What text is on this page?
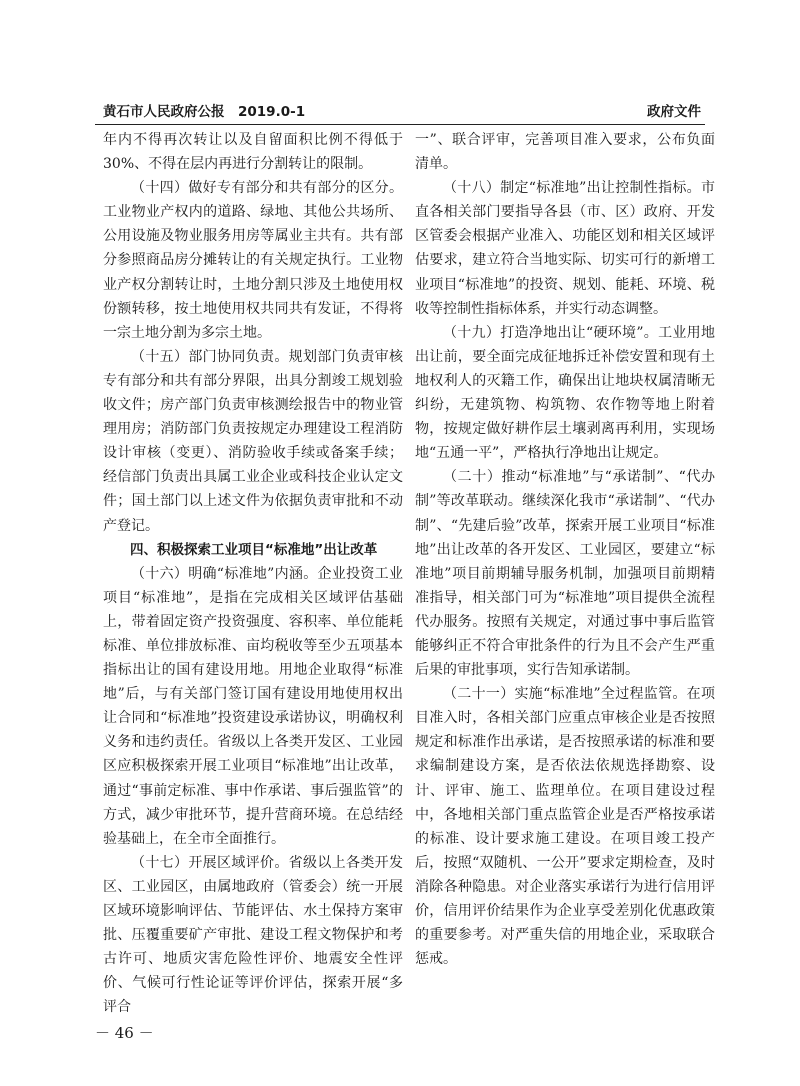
黄石市人民政府公报　2019.0-1	政府文件

年内不得再次转让以及自留面积比例不得低于30%、不得在层内再进行分割转让的限制。

（十四）做好专有部分和共有部分的区分。工业物业产权内的道路、绿地、其他公共场所、公用设施及物业服务用房等属业主共有。共有部分参照商品房分摊转让的有关规定执行。工业物业产权分割转让时，土地分割只涉及土地使用权份额转移，按土地使用权共同共有发证，不得将一宗土地分割为多宗土地。

（十五）部门协同负责。规划部门负责审核专有部分和共有部分界限，出具分割竣工规划验收文件；房产部门负责审核测绘报告中的物业管理用房；消防部门负责按规定办理建设工程消防设计审核（变更）、消防验收手续或备案手续；经信部门负责出具属工业企业或科技企业认定文件；国土部门以上述文件为依据负责审批和不动产登记。

四、积极探索工业项目“标准地”出让改革

（十六）明确“标准地”内涵。企业投资工业项目“标准地”，是指在完成相关区域评估基础上，带着固定资产投资强度、容积率、单位能耗标准、单位排放标准、亩均税收等至少五项基本指标出让的国有建设用地。用地企业取得“标准地”后，与有关部门签订国有建设用地使用权出让合同和“标准地”投资建设承诺协议，明确权利义务和违约责任。省级以上各类开发区、工业园区应积极探索开展工业项目“标准地”出让改革，通过“事前定标准、事中作承诺、事后强监管”的方式，减少审批环节，提升营商环境。在总结经验基础上，在全市全面推行。

（十七）开展区域评价。省级以上各类开发区、工业园区，由属地政府（管委会）统一开展区域环境影响评估、节能评估、水土保持方案审批、压覆重要矿产审批、建设工程文物保护和考古许可、地质灾害危险性评价、地震安全性评价、气候可行性论证等评价评估，探索开展“多评合

一”、联合评审，完善项目准入要求，公布负面清单。

（十八）制定“标准地”出让控制性指标。市直各相关部门要指导各县（市、区）政府、开发区管委会根据产业准入、功能区划和相关区域评估要求，建立符合当地实际、切实可行的新增工业项目“标准地”的投资、规划、能耗、环境、税收等控制性指标体系，并实行动态调整。

（十九）打造净地出让“硬环境”。工业用地出让前，要全面完成征地拆迁补偿安置和现有土地权利人的灭籍工作，确保出让地块权属清晰无纠纷，无建筑物、构筑物、农作物等地上附着物，按规定做好耕作层土壤剥离再利用，实现场地“五通一平”，严格执行净地出让规定。

（二十）推动“标准地”与“承诺制”、“代办制”等改革联动。继续深化我市“承诺制”、“代办制”、“先建后验”改革，探索开展工业项目“标准地”出让改革的各开发区、工业园区，要建立“标准地”项目前期辅导服务机制，加强项目前期精准指导，相关部门可为“标准地”项目提供全流程代办服务。按照有关规定，对通过事中事后监管能够纠正不符合审批条件的行为且不会产生严重后果的审批事项，实行告知承诺制。

（二十一）实施“标准地”全过程监管。在项目准入时，各相关部门应重点审核企业是否按照规定和标准作出承诺，是否按照承诺的标准和要求编制建设方案，是否依法依规选择勘察、设计、评审、施工、监理单位。在项目建设过程中，各地相关部门重点监管企业是否严格按承诺的标准、设计要求施工建设。在项目竣工投产后，按照“双随机、一公开”要求定期检查，及时消除各种隐患。对企业落实承诺行为进行信用评价，信用评价结果作为企业享受差别化优惠政策的重要参考。对严重失信的用地企业，采取联合惩戒。

－ 46 －
